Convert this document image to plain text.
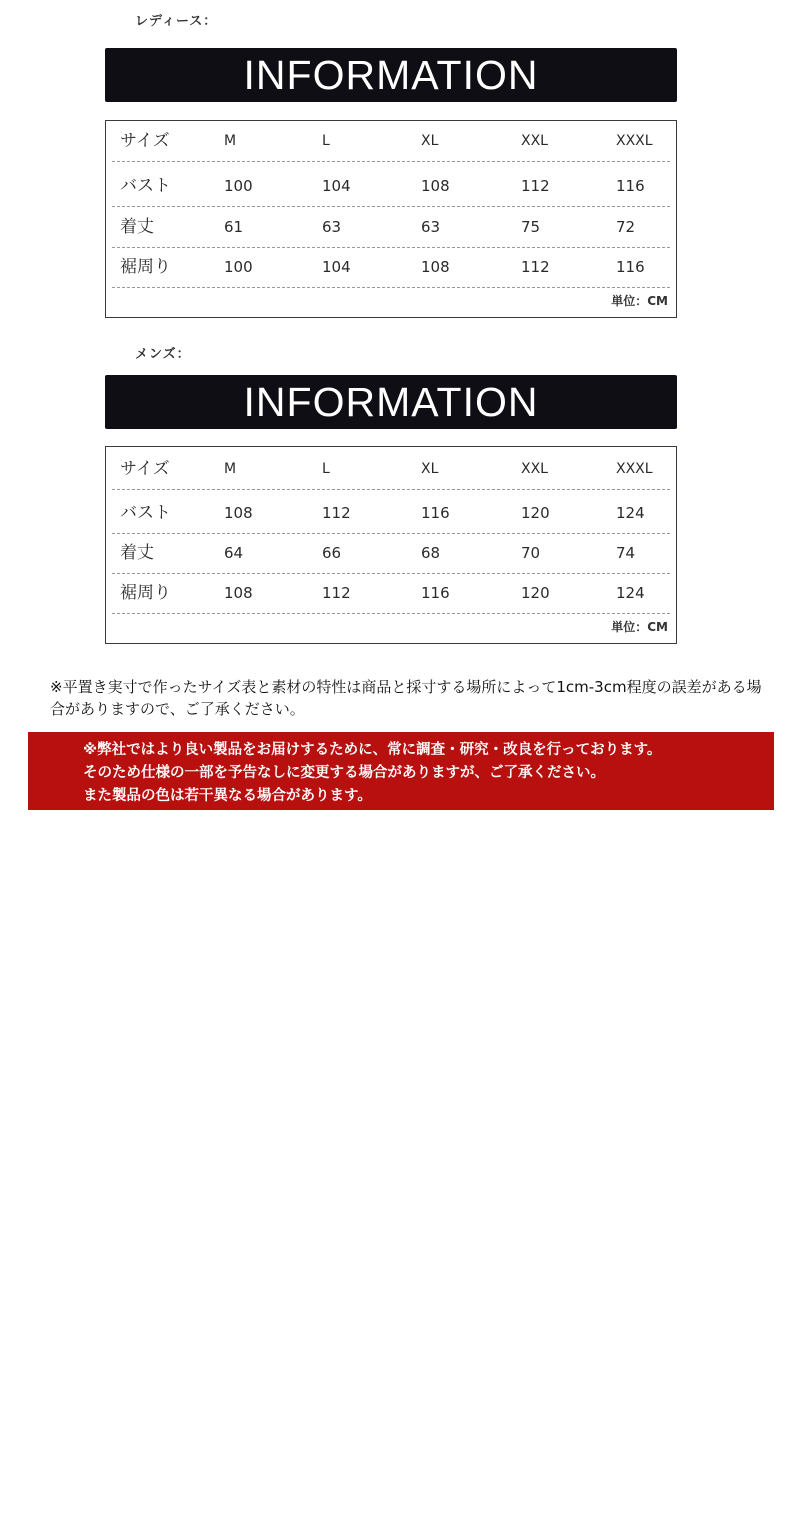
レディース：
INFORMATION
サイズ	M	L	XL	XXL	XXXL
バスト	100	104	108	112	116
着丈	61	63	63	75	72
裾周り	100	104	108	112	116
単位：CM
メンズ：
INFORMATION
サイズ	M	L	XL	XXL	XXXL
バスト	108	112	116	120	124
着丈	64	66	68	70	74
裾周り	108	112	116	120	124
単位：CM
※平置き実寸で作ったサイズ表と素材の特性は商品と採寸する場所によって1cm-3cm程度の誤差がある場合がありますので、ご了承ください。
※弊社ではより良い製品をお届けするために、常に調査・研究・改良を行っております。
そのため仕様の一部を予告なしに変更する場合がありますが、ご了承ください。
また製品の色は若干異なる場合があります。
UGUR
